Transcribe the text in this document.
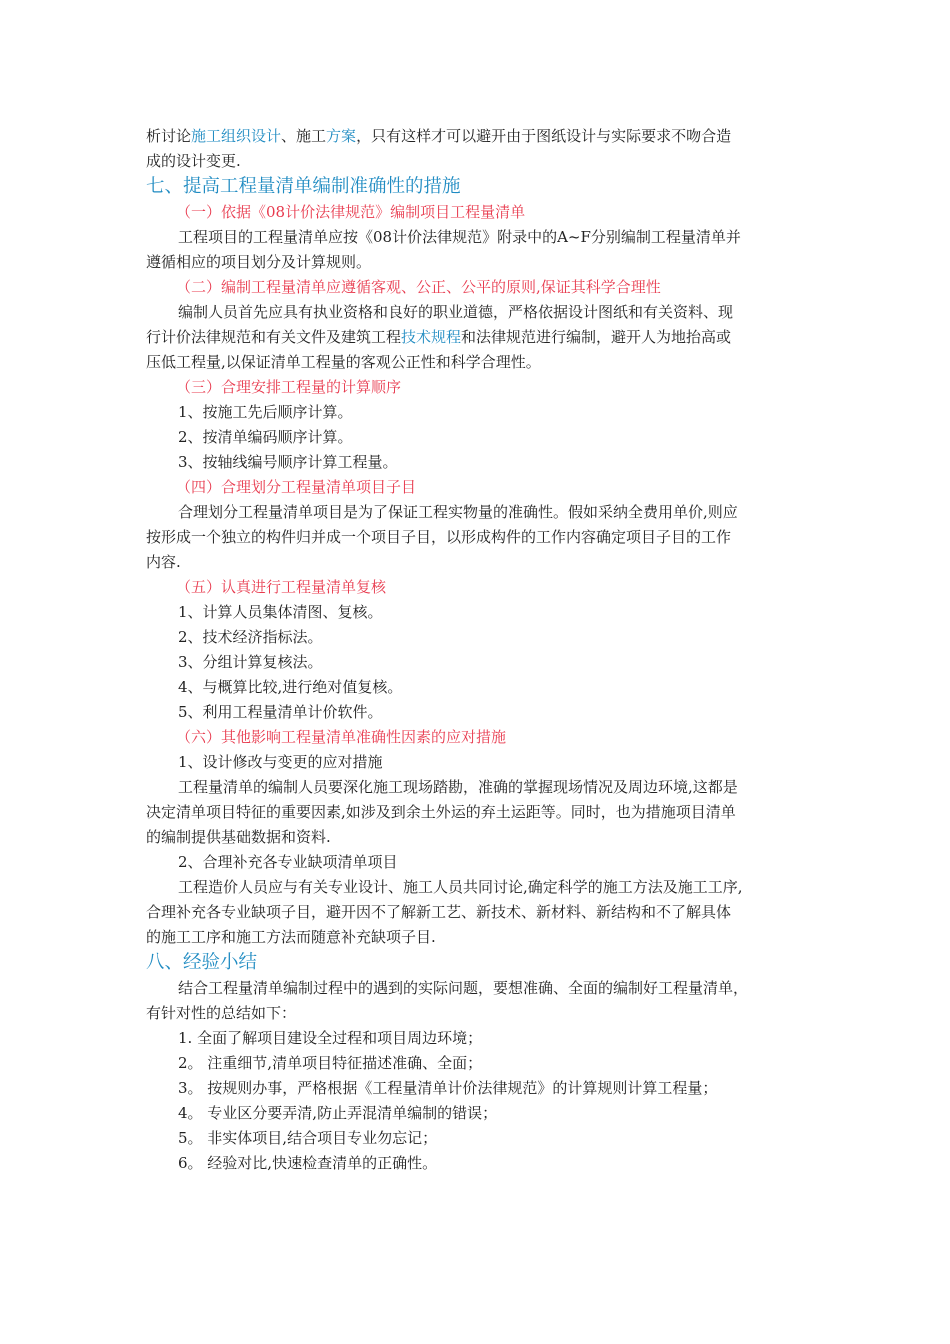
析讨论施工组织设计、施工方案，只有这样才可以避开由于图纸设计与实际要求不吻合造
成的设计变更.
七、提高工程量清单编制准确性的措施
（一）依据《08计价法律规范》编制项目工程量清单
工程项目的工程量清单应按《08计价法律规范》附录中的A~F分别编制工程量清单并
遵循相应的项目划分及计算规则。
（二）编制工程量清单应遵循客观、公正、公平的原则,保证其科学合理性
编制人员首先应具有执业资格和良好的职业道德，严格依据设计图纸和有关资料、现
行计价法律规范和有关文件及建筑工程技术规程和法律规范进行编制，避开人为地抬高或
压低工程量,以保证清单工程量的客观公正性和科学合理性。
（三）合理安排工程量的计算顺序
1、按施工先后顺序计算。
2、按清单编码顺序计算。
3、按轴线编号顺序计算工程量。
（四）合理划分工程量清单项目子目
合理划分工程量清单项目是为了保证工程实物量的准确性。假如采纳全费用单价,则应
按形成一个独立的构件归并成一个项目子目，以形成构件的工作内容确定项目子目的工作
内容.
（五）认真进行工程量清单复核
1、计算人员集体清图、复核。
2、技术经济指标法。
3、分组计算复核法。
4、与概算比较,进行绝对值复核。
5、利用工程量清单计价软件。
（六）其他影响工程量清单准确性因素的应对措施
1、设计修改与变更的应对措施
工程量清单的编制人员要深化施工现场踏勘，准确的掌握现场情况及周边环境,这都是
决定清单项目特征的重要因素,如涉及到余土外运的弃土运距等。同时，也为措施项目清单
的编制提供基础数据和资料.
2、合理补充各专业缺项清单项目
工程造价人员应与有关专业设计、施工人员共同讨论,确定科学的施工方法及施工工序,
合理补充各专业缺项子目，避开因不了解新工艺、新技术、新材料、新结构和不了解具体
的施工工序和施工方法而随意补充缺项子目.
八、经验小结
结合工程量清单编制过程中的遇到的实际问题，要想准确、全面的编制好工程量清单，
有针对性的总结如下：
1. 全面了解项目建设全过程和项目周边环境；
2。 注重细节,清单项目特征描述准确、全面；
3。 按规则办事，严格根据《工程量清单计价法律规范》的计算规则计算工程量；
4。 专业区分要弄清,防止弄混清单编制的错误；
5。 非实体项目,结合项目专业勿忘记；
6。 经验对比,快速检查清单的正确性。
